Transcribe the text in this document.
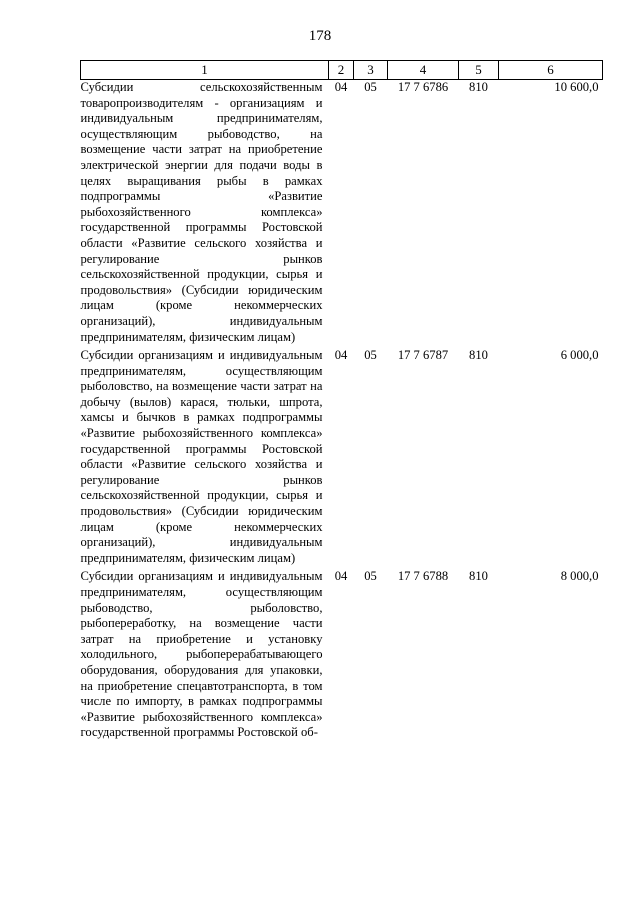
178
1	2	3	4	5	6
Субсидии сельскохозяйственным товаропроизводителям - организациям и индивидуальным предпринимателям, осуществляющим рыбоводство, на возмещение части затрат на приобретение электрической энергии для подачи воды в целях выращивания рыбы в рамках подпрограммы «Развитие рыбохозяйственного комплекса» государственной программы Ростовской области «Развитие сельского хозяйства и регулирование рынков сельскохозяйственной продукции, сырья и продовольствия» (Субсидии юридическим лицам (кроме некоммерческих организаций), индивидуальным предпринимателям, физическим лицам)	04	05	17 7 6786	810	10 600,0
Субсидии организациям и индивидуальным предпринимателям, осуществляющим рыболовство, на возмещение части затрат на добычу (вылов) карася, тюльки, шпрота, хамсы и бычков в рамках подпрограммы «Развитие рыбохозяйственного комплекса» государственной программы Ростовской области «Развитие сельского хозяйства и регулирование рынков сельскохозяйственной продукции, сырья и продовольствия» (Субсидии юридическим лицам (кроме некоммерческих организаций), индивидуальным предпринимателям, физическим лицам)	04	05	17 7 6787	810	6 000,0
Субсидии организациям и индивидуальным предпринимателям, осуществляющим рыбоводство, рыболовство, рыбопереработку, на возмещение части затрат на приобретение и установку холодильного, рыбоперерабатывающего оборудования, оборудования для упаковки, на приобретение спецавтотранспорта, в том числе по импорту, в рамках подпрограммы «Развитие рыбохозяйственного комплекса» государственной программы Ростовской об-	04	05	17 7 6788	810	8 000,0
